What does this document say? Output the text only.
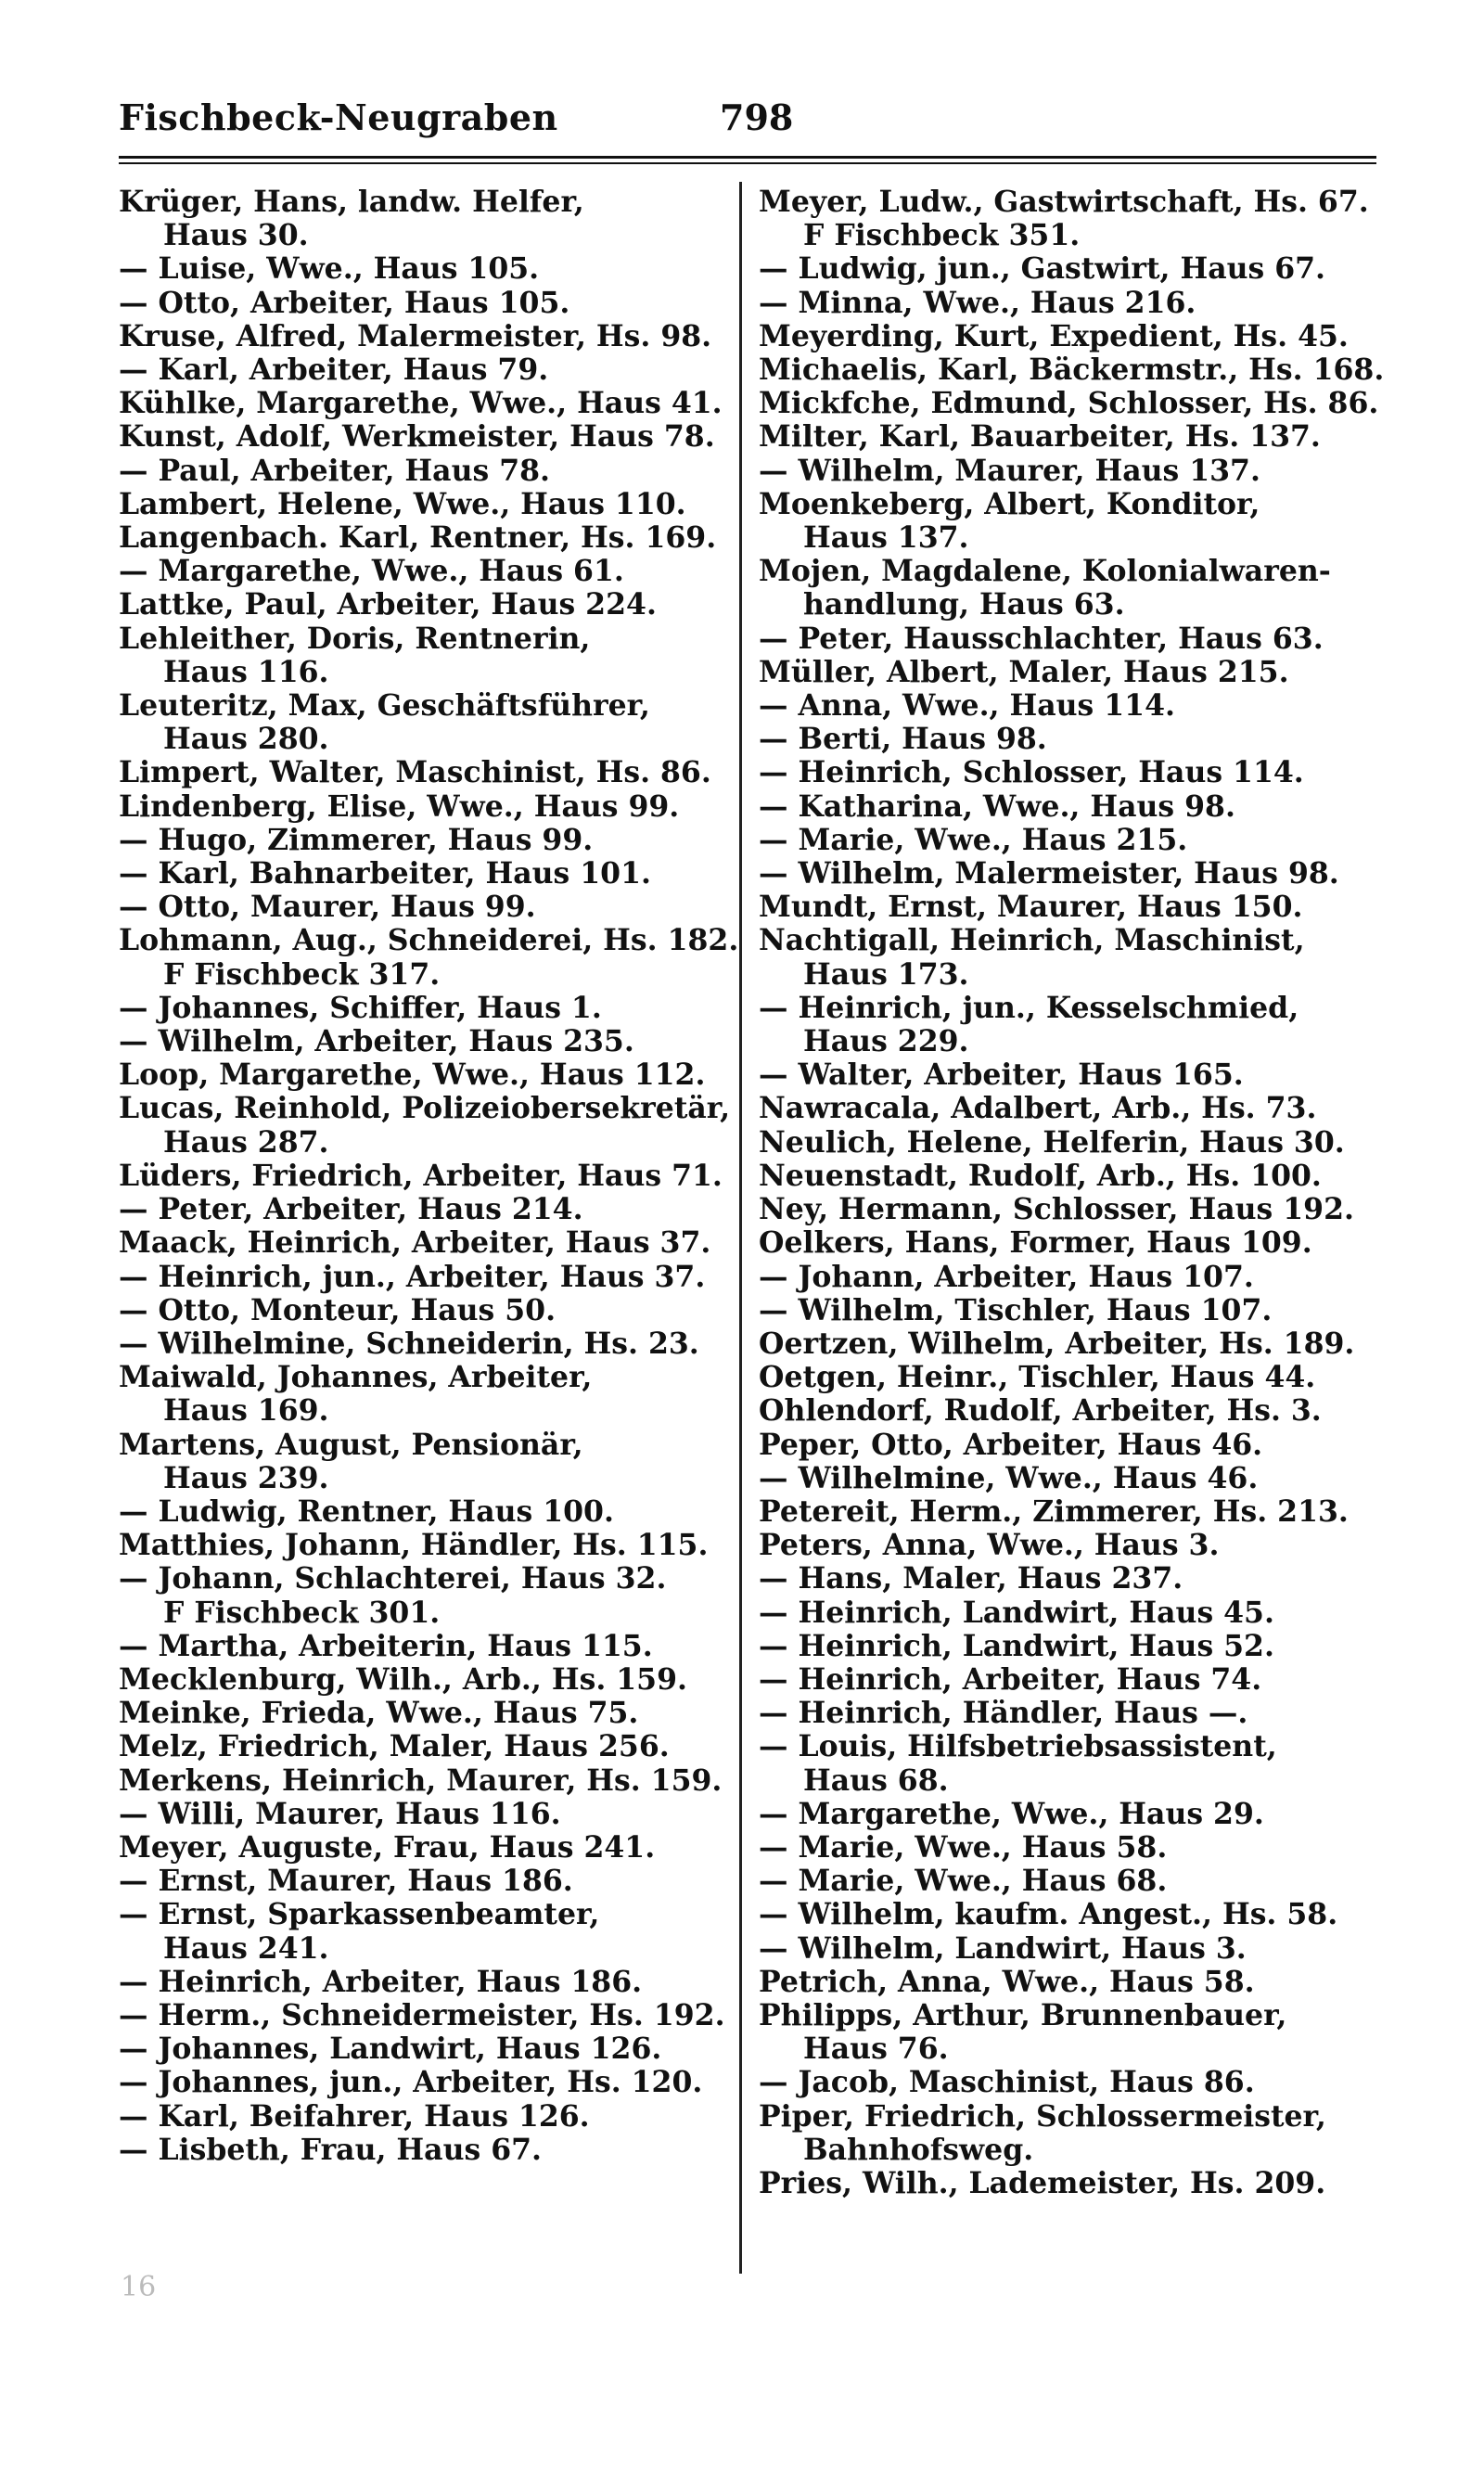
Fischbeck-Neugraben	798
Krüger, Hans, landw. Helfer,
Haus 30.
— Luise, Wwe., Haus 105.
— Otto, Arbeiter, Haus 105.
Kruse, Alfred, Malermeister, Hs. 98.
— Karl, Arbeiter, Haus 79.
Kühlke, Margarethe, Wwe., Haus 41.
Kunst, Adolf, Werkmeister, Haus 78.
— Paul, Arbeiter, Haus 78.
Lambert, Helene, Wwe., Haus 110.
Langenbach. Karl, Rentner, Hs. 169.
— Margarethe, Wwe., Haus 61.
Lattke, Paul, Arbeiter, Haus 224.
Lehleither, Doris, Rentnerin,
Haus 116.
Leuteritz, Max, Geschäftsführer,
Haus 280.
Limpert, Walter, Maschinist, Hs. 86.
Lindenberg, Elise, Wwe., Haus 99.
— Hugo, Zimmerer, Haus 99.
— Karl, Bahnarbeiter, Haus 101.
— Otto, Maurer, Haus 99.
Lohmann, Aug., Schneiderei, Hs. 182.
F Fischbeck 317.
— Johannes, Schiffer, Haus 1.
— Wilhelm, Arbeiter, Haus 235.
Loop, Margarethe, Wwe., Haus 112.
Lucas, Reinhold, Polizeiobersekretär,
Haus 287.
Lüders, Friedrich, Arbeiter, Haus 71.
— Peter, Arbeiter, Haus 214.
Maack, Heinrich, Arbeiter, Haus 37.
— Heinrich, jun., Arbeiter, Haus 37.
— Otto, Monteur, Haus 50.
— Wilhelmine, Schneiderin, Hs. 23.
Maiwald, Johannes, Arbeiter,
Haus 169.
Martens, August, Pensionär,
Haus 239.
— Ludwig, Rentner, Haus 100.
Matthies, Johann, Händler, Hs. 115.
— Johann, Schlachterei, Haus 32.
F Fischbeck 301.
— Martha, Arbeiterin, Haus 115.
Mecklenburg, Wilh., Arb., Hs. 159.
Meinke, Frieda, Wwe., Haus 75.
Melz, Friedrich, Maler, Haus 256.
Merkens, Heinrich, Maurer, Hs. 159.
— Willi, Maurer, Haus 116.
Meyer, Auguste, Frau, Haus 241.
— Ernst, Maurer, Haus 186.
— Ernst, Sparkassenbeamter,
Haus 241.
— Heinrich, Arbeiter, Haus 186.
— Herm., Schneidermeister, Hs. 192.
— Johannes, Landwirt, Haus 126.
— Johannes, jun., Arbeiter, Hs. 120.
— Karl, Beifahrer, Haus 126.
— Lisbeth, Frau, Haus 67.
Meyer, Ludw., Gastwirtschaft, Hs. 67.
F Fischbeck 351.
— Ludwig, jun., Gastwirt, Haus 67.
— Minna, Wwe., Haus 216.
Meyerding, Kurt, Expedient, Hs. 45.
Michaelis, Karl, Bäckermstr., Hs. 168.
Mickfche, Edmund, Schlosser, Hs. 86.
Milter, Karl, Bauarbeiter, Hs. 137.
— Wilhelm, Maurer, Haus 137.
Moenkeberg, Albert, Konditor,
Haus 137.
Mojen, Magdalene, Kolonialwaren-
handlung, Haus 63.
— Peter, Hausschlachter, Haus 63.
Müller, Albert, Maler, Haus 215.
— Anna, Wwe., Haus 114.
— Berti, Haus 98.
— Heinrich, Schlosser, Haus 114.
— Katharina, Wwe., Haus 98.
— Marie, Wwe., Haus 215.
— Wilhelm, Malermeister, Haus 98.
Mundt, Ernst, Maurer, Haus 150.
Nachtigall, Heinrich, Maschinist,
Haus 173.
— Heinrich, jun., Kesselschmied,
Haus 229.
— Walter, Arbeiter, Haus 165.
Nawracala, Adalbert, Arb., Hs. 73.
Neulich, Helene, Helferin, Haus 30.
Neuenstadt, Rudolf, Arb., Hs. 100.
Ney, Hermann, Schlosser, Haus 192.
Oelkers, Hans, Former, Haus 109.
— Johann, Arbeiter, Haus 107.
— Wilhelm, Tischler, Haus 107.
Oertzen, Wilhelm, Arbeiter, Hs. 189.
Oetgen, Heinr., Tischler, Haus 44.
Ohlendorf, Rudolf, Arbeiter, Hs. 3.
Peper, Otto, Arbeiter, Haus 46.
— Wilhelmine, Wwe., Haus 46.
Petereit, Herm., Zimmerer, Hs. 213.
Peters, Anna, Wwe., Haus 3.
— Hans, Maler, Haus 237.
— Heinrich, Landwirt, Haus 45.
— Heinrich, Landwirt, Haus 52.
— Heinrich, Arbeiter, Haus 74.
— Heinrich, Händler, Haus —.
— Louis, Hilfsbetriebsassistent,
Haus 68.
— Margarethe, Wwe., Haus 29.
— Marie, Wwe., Haus 58.
— Marie, Wwe., Haus 68.
— Wilhelm, kaufm. Angest., Hs. 58.
— Wilhelm, Landwirt, Haus 3.
Petrich, Anna, Wwe., Haus 58.
Philipps, Arthur, Brunnenbauer,
Haus 76.
— Jacob, Maschinist, Haus 86.
Piper, Friedrich, Schlossermeister,
Bahnhofsweg.
Pries, Wilh., Lademeister, Hs. 209.
16
